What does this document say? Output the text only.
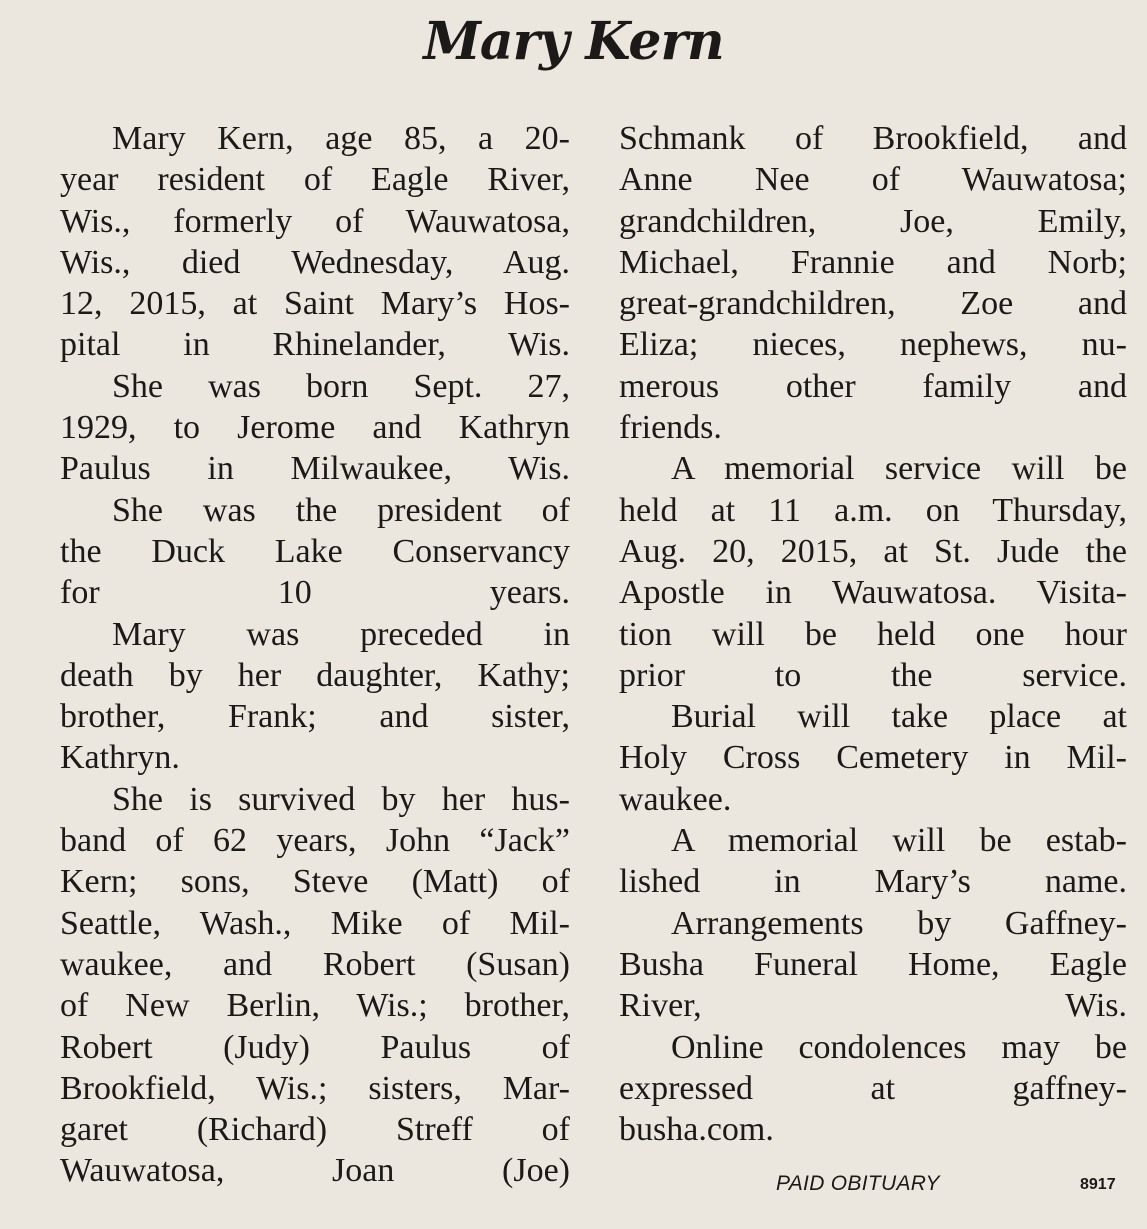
Mary Kern

Mary Kern, age 85, a 20-
year resident of Eagle River,
Wis., formerly of Wauwatosa,
Wis., died Wednesday, Aug.
12, 2015, at Saint Mary’s Hos-
pital in Rhinelander, Wis.

She was born Sept. 27,
1929, to Jerome and Kathryn
Paulus in Milwaukee, Wis.

She was the president of
the Duck Lake Conservancy
for 10 years.

Mary was preceded in
death by her daughter, Kathy;
brother, Frank; and sister,
Kathryn.

She is survived by her hus-
band of 62 years, John “Jack”
Kern; sons, Steve (Matt) of
Seattle, Wash., Mike of Mil-
waukee, and Robert (Susan)
of New Berlin, Wis.; brother,
Robert (Judy) Paulus of
Brookfield, Wis.; sisters, Mar-
garet (Richard) Streff of
Wauwatosa, Joan (Joe)

Schmank of Brookfield, and
Anne Nee of Wauwatosa;
grandchildren, Joe, Emily,
Michael, Frannie and Norb;
great-grandchildren, Zoe and
Eliza; nieces, nephews, nu-
merous other family and
friends.

A memorial service will be
held at 11 a.m. on Thursday,
Aug. 20, 2015, at St. Jude the
Apostle in Wauwatosa. Visita-
tion will be held one hour
prior to the service.

Burial will take place at
Holy Cross Cemetery in Mil-
waukee.

A memorial will be estab-
lished in Mary’s name.

Arrangements by Gaffney-
Busha Funeral Home, Eagle
River, Wis.

Online condolences may be
expressed at gaffney-
busha.com.

PAID OBITUARY	8917
